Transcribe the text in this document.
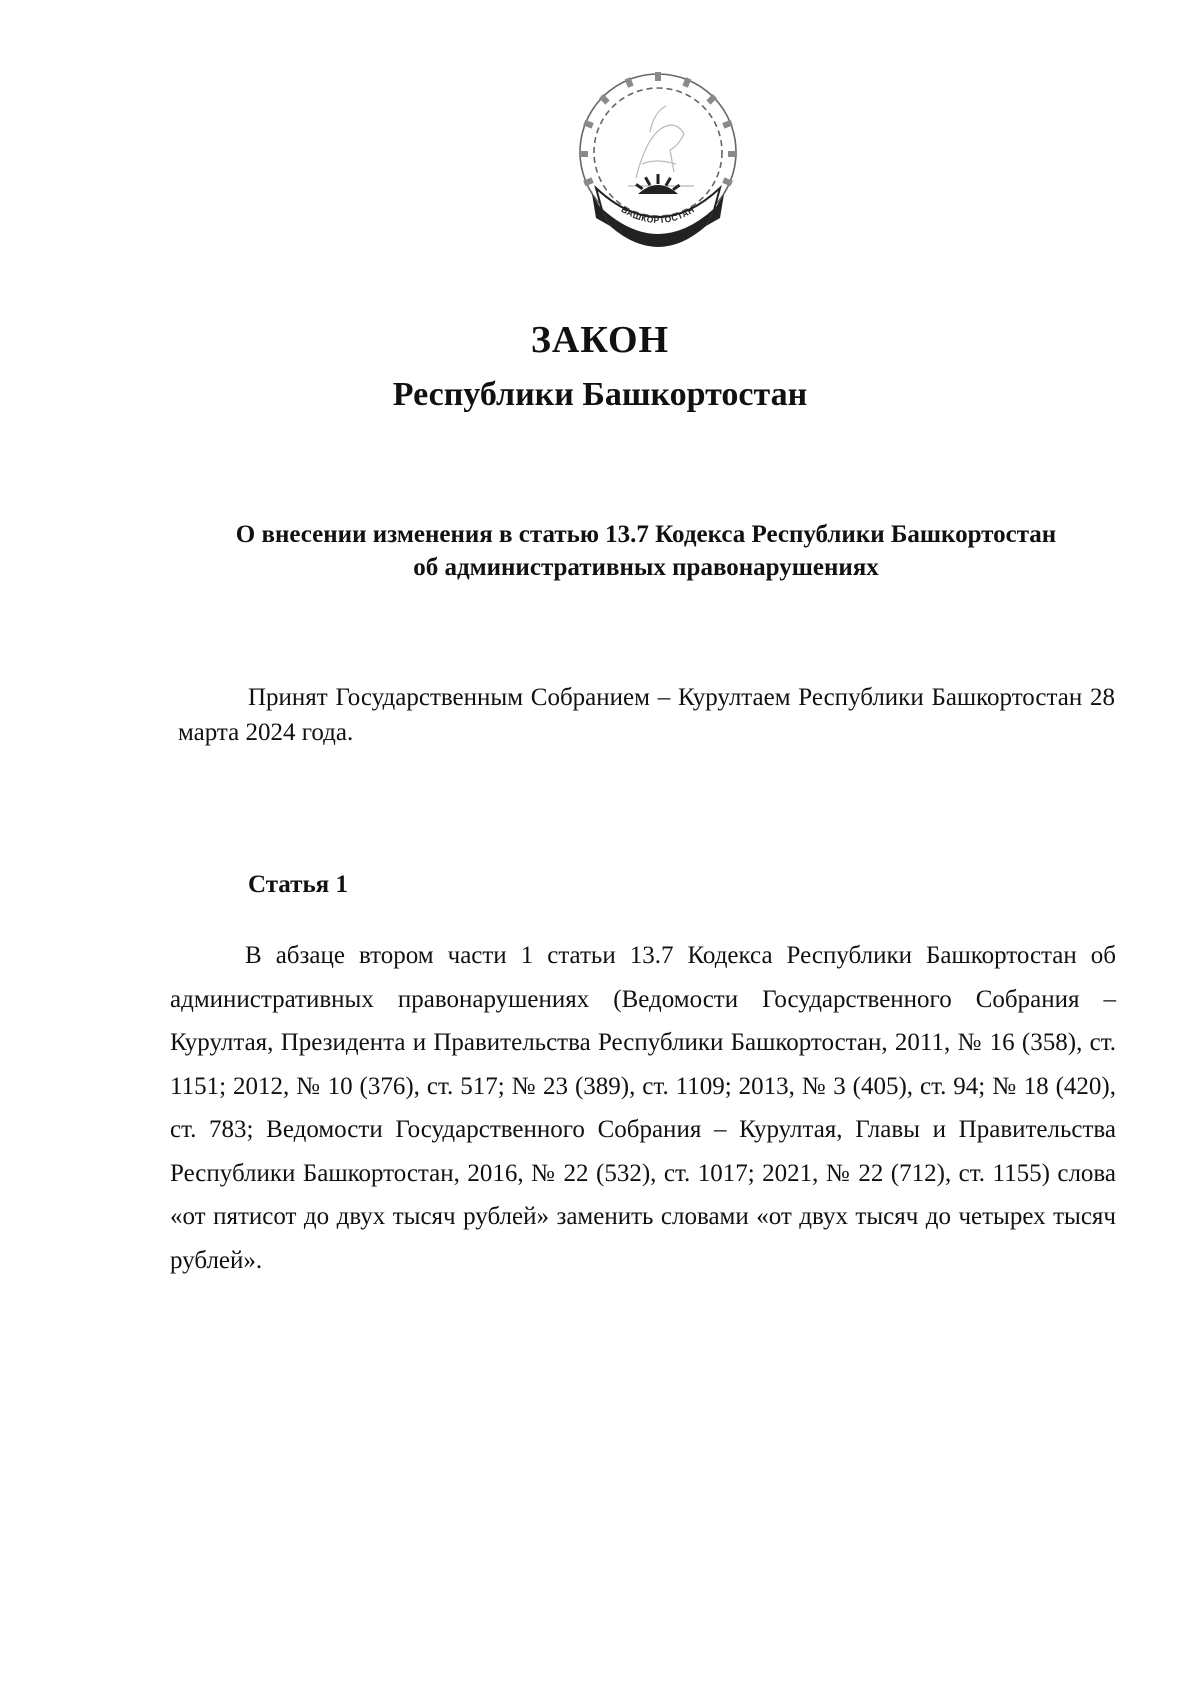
БАШКОРТОСТАН
ЗАКОН
Республики Башкортостан
О внесении изменения в статью 13.7 Кодекса Республики Башкортостан
об административных правонарушениях
Принят Государственным Собранием – Курултаем Республики Башкортостан 28 марта 2024 года.
Статья 1
В абзаце втором части 1 статьи 13.7 Кодекса Республики Башкортостан об административных правонарушениях (Ведомости Государственного Собрания – Курултая, Президента и Правительства Республики Башкортостан, 2011, № 16 (358), ст. 1151; 2012, № 10 (376), ст. 517; № 23 (389), ст. 1109; 2013, № 3 (405), ст. 94; № 18 (420), ст. 783; Ведомости Государственного Собрания – Курултая, Главы и Правительства Республики Башкортостан, 2016, № 22 (532), ст. 1017; 2021, № 22 (712), ст. 1155) слова «от пятисот до двух тысяч рублей» заменить словами «от двух тысяч до четырех тысяч рублей».
